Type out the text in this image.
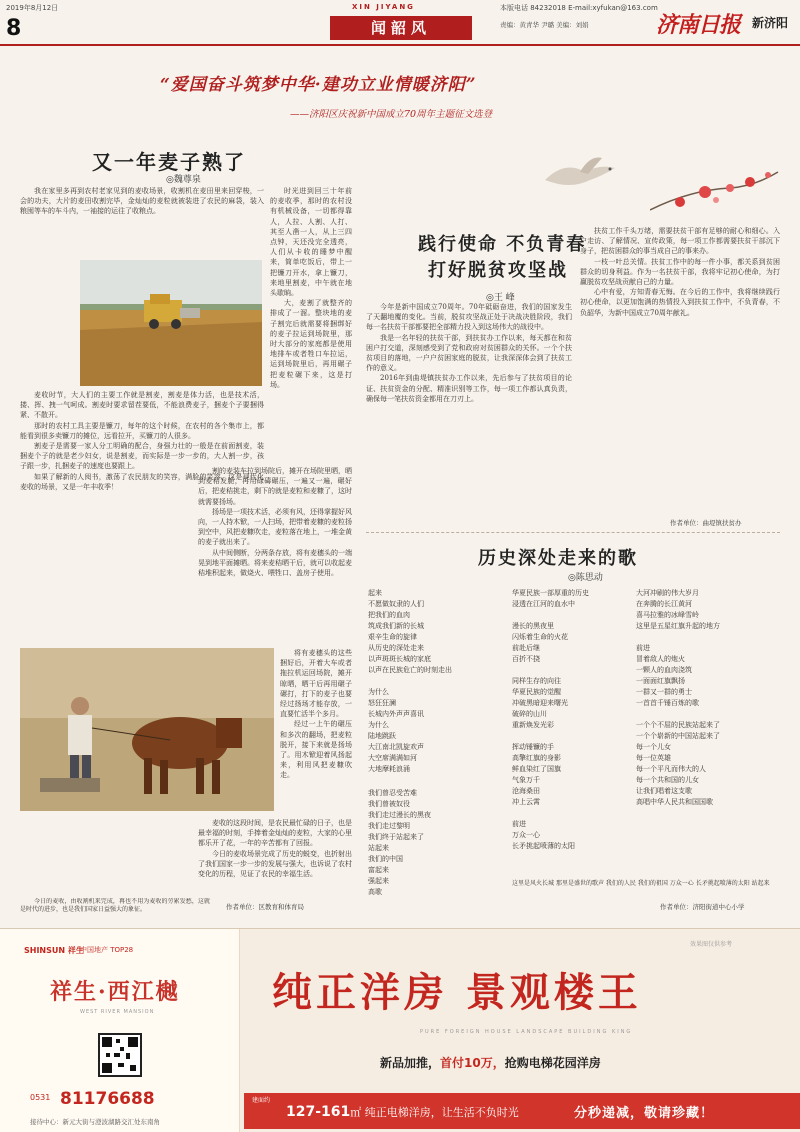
2019年8月12日	XIN JIYANG	本版电话 84232018 E-mail:xyfukan@163.com
8	闻韶风	责编：黄青华 尹璐 美编：刘娟	济南日报 新济阳
“爱国奋斗筑梦中华·建功立业情暖济阳”
——济阳区庆祝新中国成立70周年主题征文选登
又一年麦子熟了
◎魏尊泉
我在家里多再到农村老家见到的麦收场景，收割机在麦田里来回穿梭，一会的功夫，大片的麦田收割完毕，金灿灿的麦粒就被装进了农民的麻袋，装入粮囤等车的车斗内，一袖接的运往了收粮点。
麦收时节，大人们的主要工作就是割麦，割麦是体力活，也是技术活，搂、挥、拽一气呵成。割麦时要求留茬要低，不能浪费麦子，捆麦个子要捆得紧、不散开。
那时的农村工具主要是镰刀，每年的这个时候，在农村的各个集市上，都能看到很多卖镰刀的摊位，远看拉开，买镰刀的人很多。
割麦子是需要一家人分工明确的配合，身强力壮的一般是在前面割麦，装捆麦个子的就是老少妇女，说是割麦，而实际是一步一步的，大人割一步，孩子跟一步，扎捆麦子的速度也要跟上。
如果了解新的人阅书，激荡了农民朋友的笑容，满脸的笑容，这是现代化麦收的场景，又是一年丰收季！
时光进到回三十年前的麦收季，那时的农村没有机械设备，一切都得靠人，人拉、人割、人打、其至人凿一人，从上三四点钟，天还没完全透亮，人们从卡收的睡梦中醒来，简单吃饭后，带上一把镰刀开水，拿上镰刀，来地里割麦，中午就在地头歇晌。
大，麦割了就整齐的排成了一溜。整块地的麦子割完后就需要将捆绑好的麦子拉运到场院里，那时大部分的家庭都是使用地排车或者牲口车拉运，运到场院里后，再用碾子把麦粒碾下来，这是打场。
割的麦装车拉到场院后，摊开在场院里晒，晒到麦秸发脆，再用碌碡碾压，一遍又一遍，碾好后，把麦秸挑走，剩下的就是麦粒和麦糠了，这时就需要扬场。
扬场是一项技术活，必须有风，还得掌握好风向，一人持木锨，一人扫场，把带着麦糠的麦粒扬到空中，风把麦糠吹走，麦粒落在地上，一堆金黄的麦子就出来了。
从中间侧断，分两条存放，将有麦穗头的一端晃到地平面摊晒。将来麦秸晒干后，就可以收起麦秸堆积起来，做烧火、喂牲口、盖房子使用。
将有麦穗头的这些捆好后，开着大车或者拖拉机运回场院，摊开晾晒，晒干后再用碾子碾打，打下的麦子也要经过扬场才能存放，一直要忙活半个多月。
经过一上午的碾压和多次的翻场，把麦粒脱开，接下来就是扬场了。用木锨迎着风扬起来，利用风把麦糠吹走。
麦收的这段时间，是农民最忙碌的日子，也是最幸福的时刻，手捧着金灿灿的麦粒，大家的心里都乐开了花，一年的辛苦都有了回报。
今日的麦收场景完成了历史的蜕变，也折射出了我们国家一步一步的发展与强大，也诉说了农村变化的历程，见证了农民的幸福生活。
作者单位：区教育和体育局
践行使命 不负青春
打好脱贫攻坚战
◎王 峰
今年是新中国成立70周年。70年砥砺奋进，我们的国家发生了天翻地覆的变化。当前，脱贫攻坚战正处于决战决胜阶段，我们每一名扶贫干部都要把全部精力投入到这场伟大的战役中。
我是一名年轻的扶贫干部，到扶贫办工作以来，每天都在和贫困户打交道，深刻感受到了党和政府对贫困群众的关怀。一个个扶贫项目的落地，一户户贫困家庭的脱贫，让我深深体会到了扶贫工作的意义。
2016年到曲堤镇扶贫办工作以来，先后参与了扶贫项目的论证、扶贫资金的分配、精准识别等工作，每一项工作都认真负责，确保每一笔扶贫资金都用在刀刃上。
扶贫工作千头万绪，需要扶贫干部有足够的耐心和细心。入户走访、了解情况、宣传政策，每一项工作都需要扶贫干部沉下身子，把贫困群众的事当成自己的事来办。
一枝一叶总关情。扶贫工作中的每一件小事，都关系到贫困群众的切身利益。作为一名扶贫干部，我将牢记初心使命，为打赢脱贫攻坚战贡献自己的力量。
心中有爱，方知青春无悔。在今后的工作中，我将继续践行初心使命，以更加饱满的热情投入到扶贫工作中，不负青春，不负韶华，为新中国成立70周年献礼。
作者单位：曲堤镇扶贫办
历史深处走来的歌
◎陈思动
起来
不愿做奴隶的人们
把我们的血肉
筑成我们新的长城
艰辛生命的旋律
从历史的深处走来
以声斑斑长城的家底
以声在民族危亡的时刻走出

为什么
怒狂狂澜
长城内外声声喜讯
为什么
陆地跳跃
大江南北凯旋欢声
大空席满满如河
大地摩耗浪涌
我们曾忍受苦难
我们曾被奴役
我们走过漫长的黑夜
我们走过黎明
我们终于站起来了
站起来
我们的中国
富起来
强起来
高歌
华夏民族一部厚重的历史
浸透在江河的血水中

漫长的黑夜里
闪烁着生命的火花
前赴后继
百折不挠

同样生存的向往
华夏民族的觉醒
冲破黑暗迎来曙光
破碎的山川
重新焕发光彩

挥动锤镰的手
高擎红旗的身影
鲜血染红了国旗
气象万千
沧海桑田
冲上云霄

前进
万众一心
长矛挑起喷薄的太阳
大河冲刷的伟大岁月
在奔腾的长江黄河
喜马拉雅的冰峰雪岭
这里是五星红旗升起的地方

前进
冒着敌人的炮火
一颗人的血肉浇筑
一面面红旗飘扬
一群又一群的勇士
一首首千锤百炼的歌

一个个不屈的民族站起来了
一个个崭新的中国站起来了
每一个儿女
每一位英雄
每一个平凡而伟大的人
每一个共和国的儿女
让我们唱着这支歌
高唱中华人民共和国国歌
作者单位：济阳街道中心小学
这里是风火长城 那里是盛世的歌声 我们的人民 我们的祖国 万众一心 长矛挑起喷薄的太阳 站起来
今日的麦收，由收割机来完成，再也不用为麦收的劳累发愁，这就是时代的进步，也是我们国家日益强大的象征。
SHINSUN 祥生
中国地产 TOP28
祥生·西江樾
WEST RIVER MANSION
0531 81176688
接待中心：新元大街与澄波湖路交汇处东南角
效果图仅供参考
纯正洋房 景观楼王
PURE FOREIGN HOUSE LANDSCAPE BUILDING KING
新品加推，首付10万，抢购电梯花园洋房
建面约
127-161㎡ 纯正电梯洋房，让生活不负时光	分秒递减，敬请珍藏！
